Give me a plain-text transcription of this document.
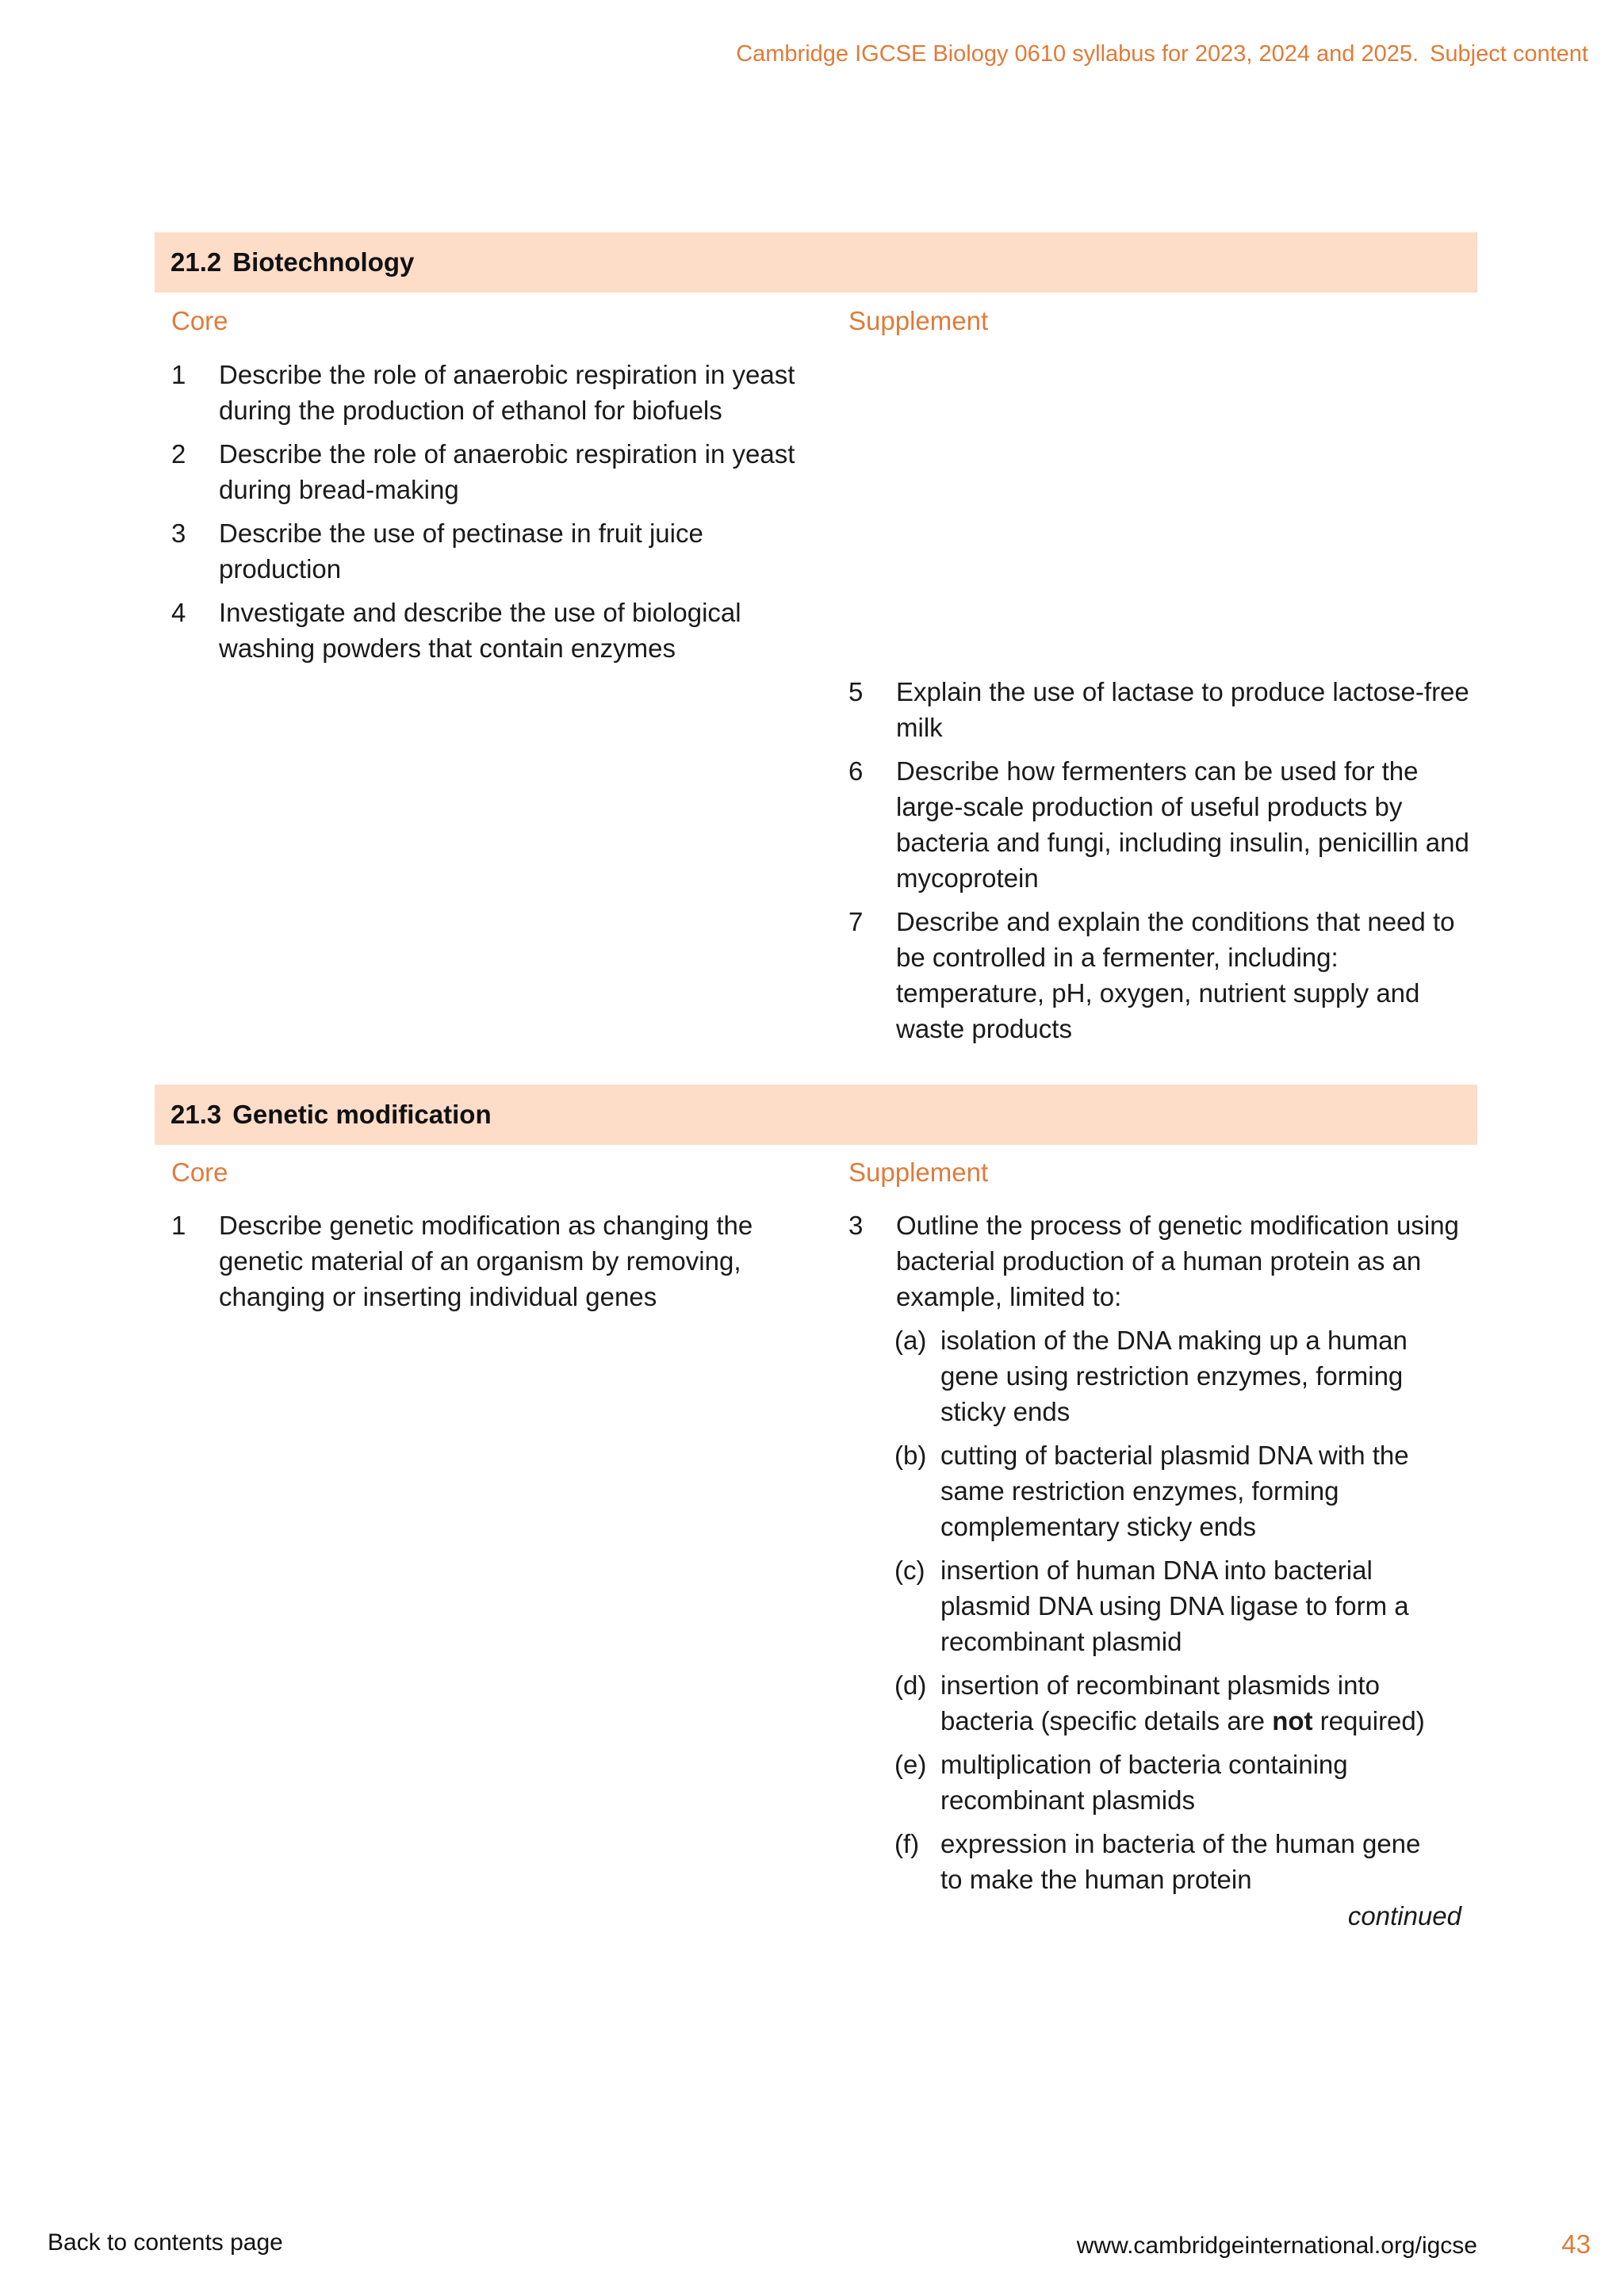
Cambridge IGCSE Biology 0610 syllabus for 2023, 2024 and 2025. Subject content
21.2 Biotechnology
Core	Supplement
1 Describe the role of anaerobic respiration in yeast during the production of ethanol for biofuels
2 Describe the role of anaerobic respiration in yeast during bread-making
3 Describe the use of pectinase in fruit juice production
4 Investigate and describe the use of biological washing powders that contain enzymes
5 Explain the use of lactase to produce lactose-free milk
6 Describe how fermenters can be used for the large-scale production of useful products by bacteria and fungi, including insulin, penicillin and mycoprotein
7 Describe and explain the conditions that need to be controlled in a fermenter, including: temperature, pH, oxygen, nutrient supply and waste products
21.3 Genetic modification
Core	Supplement
1 Describe genetic modification as changing the genetic material of an organism by removing, changing or inserting individual genes
3 Outline the process of genetic modification using bacterial production of a human protein as an example, limited to:
(a) isolation of the DNA making up a human gene using restriction enzymes, forming sticky ends
(b) cutting of bacterial plasmid DNA with the same restriction enzymes, forming complementary sticky ends
(c) insertion of human DNA into bacterial plasmid DNA using DNA ligase to form a recombinant plasmid
(d) insertion of recombinant plasmids into bacteria (specific details are not required)
(e) multiplication of bacteria containing recombinant plasmids
(f) expression in bacteria of the human gene to make the human protein
continued
Back to contents page	www.cambridgeinternational.org/igcse	43
